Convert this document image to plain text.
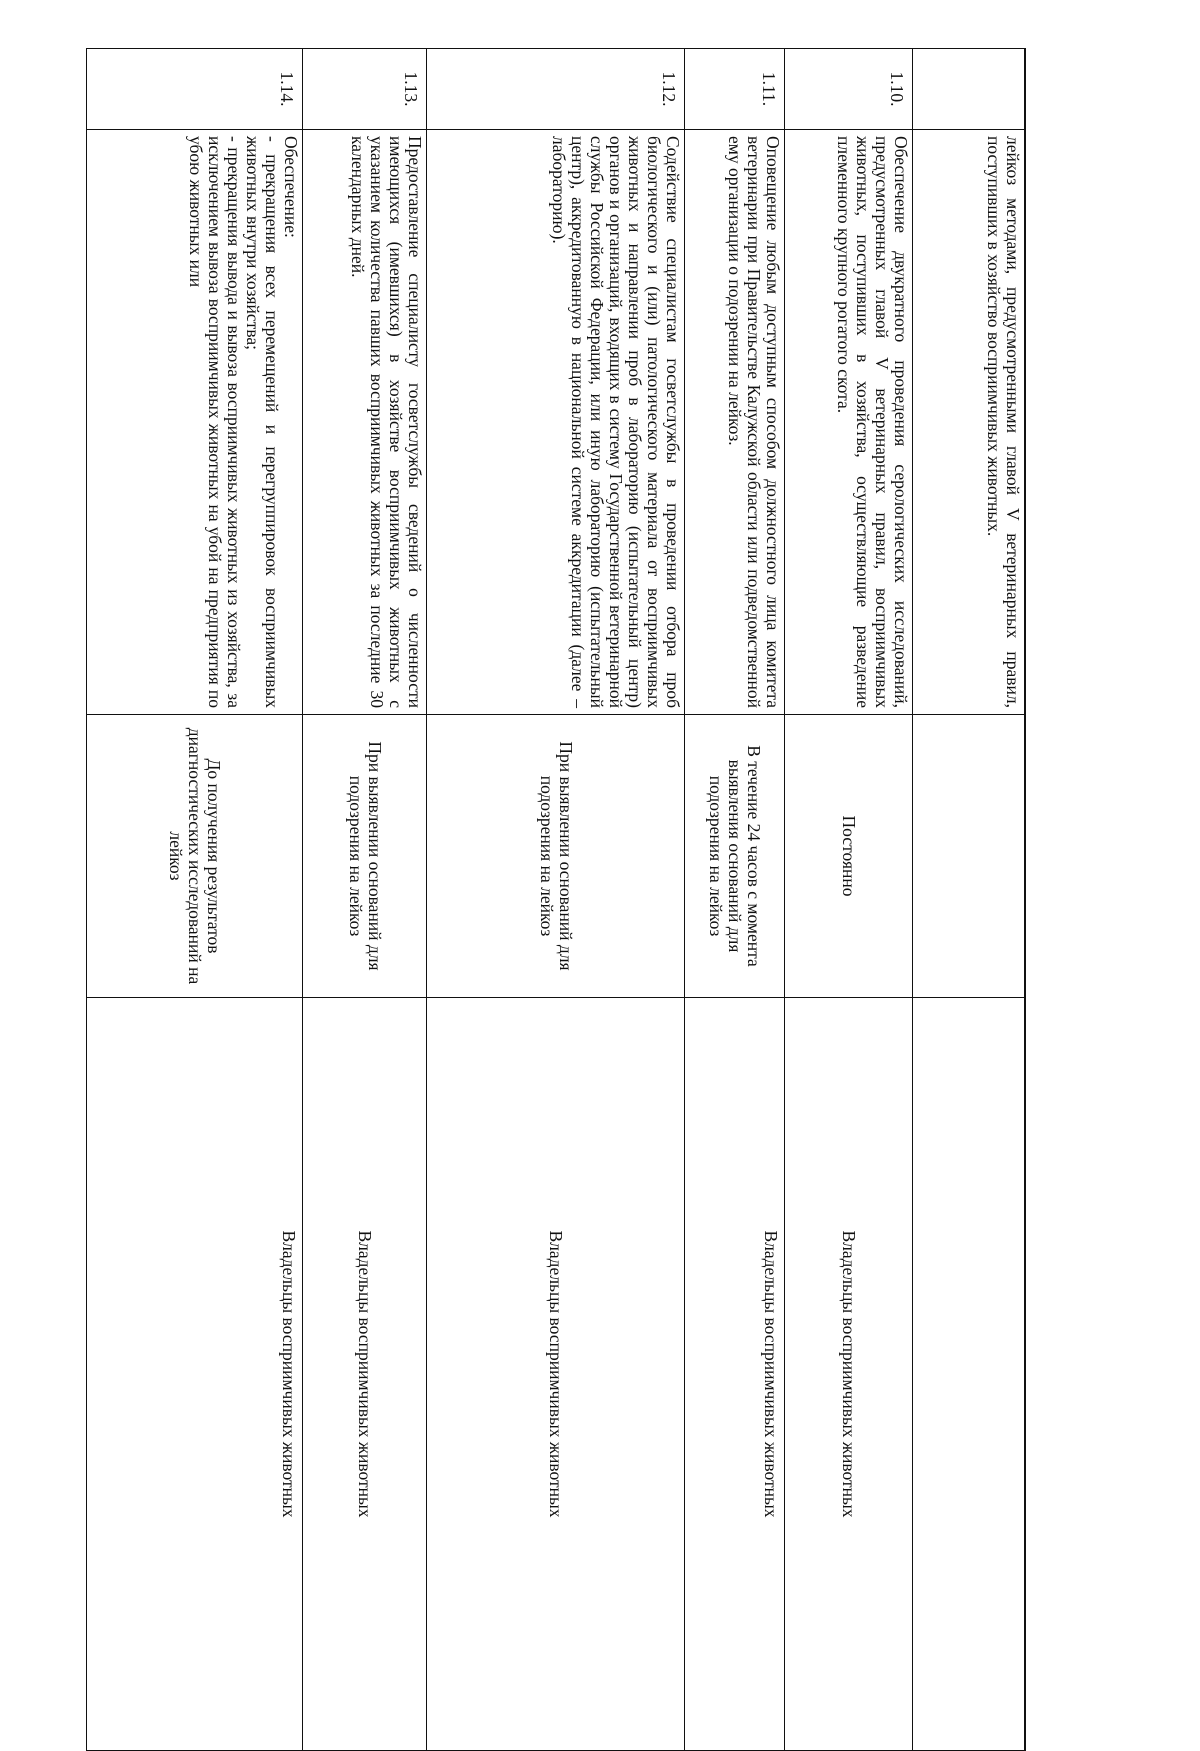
	лейкоз методами, предусмотренными главой V ветеринарных правил, поступивших в хозяйство восприимчивых животных.		
1.10.	Обеспечение двукратного проведения серологических исследований, предусмотренных главой V ветеринарных правил, восприимчивых животных, поступивших в хозяйства, осуществляющие разведение племенного крупного рогатого скота.	Постоянно	Владельцы восприимчивых животных
1.11.	Оповещение любым доступным способом должностного лица комитета ветеринарии при Правительстве Калужской области или подведомственной ему организации о подозрении на лейкоз.	В течение 24 часов с момента выявления оснований для подозрения на лейкоз	Владельцы восприимчивых животных
1.12.	Содействие специалистам госветслужбы в проведении отбора проб биологического и (или) патологического материала от восприимчивых животных и направлении проб в лабораторию (испытательный центр) органов и организаций, входящих в систему Государственной ветеринарной службы Российской Федерации, или иную лабораторию (испытательный центр), аккредитованную в национальной системе аккредитации (далее – лабораторию).	При выявлении оснований для подозрения на лейкоз	Владельцы восприимчивых животных
1.13.	Предоставление специалисту госветслужбы сведений о численности имеющихся (имевшихся) в хозяйстве восприимчивых животных с указанием количества павших восприимчивых животных за последние 30 календарных дней.	При выявлении оснований для подозрения на лейкоз	Владельцы восприимчивых животных
1.14.	Обеспечение:
- прекращения всех перемещений и перегруппировок восприимчивых животных внутри хозяйства;
- прекращения вывода и вывоза восприимчивых животных из хозяйства, за исключением вывоза восприимчивых животных на убой на предприятия по убою животных или	До получения результатов диагностических исследований на лейкоз	Владельцы восприимчивых животных
